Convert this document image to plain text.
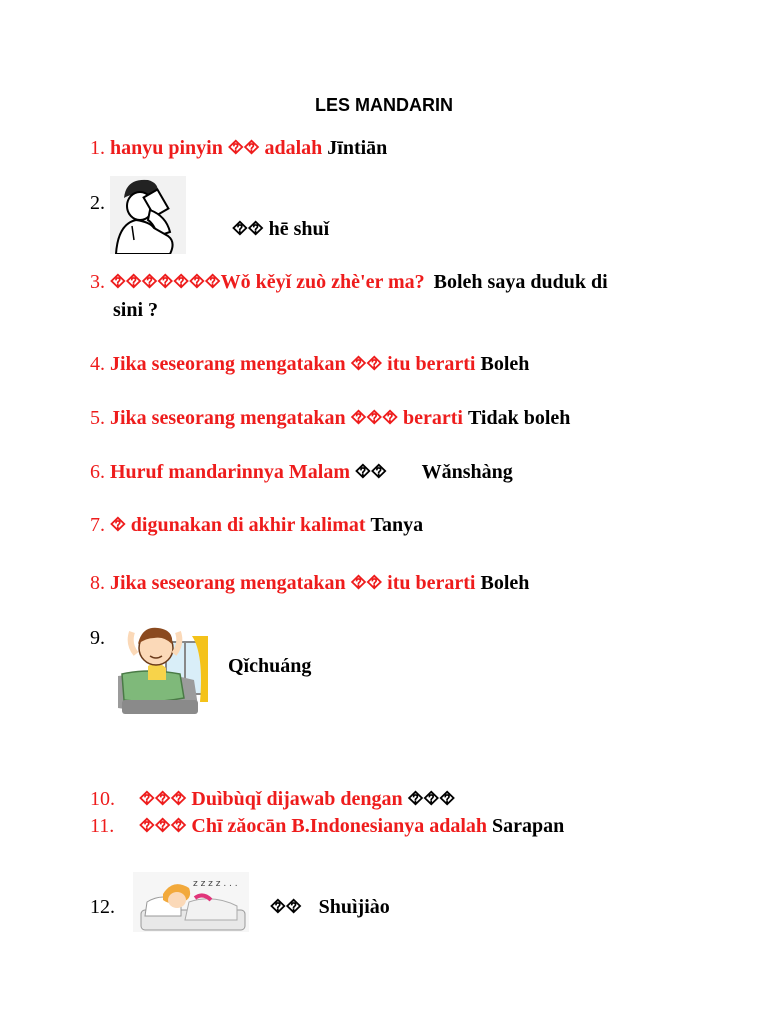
LES MANDARIN
1. hanyu pinyin ⯑⯑ adalah Jīntiān
2.
⯑⯑ hē shuǐ
3. ⯑⯑⯑⯑⯑⯑⯑Wǒ kěyǐ zuò zhè'er ma? Boleh saya duduk di
sini ?
4. Jika seseorang mengatakan ⯑⯑ itu berarti Boleh
5. Jika seseorang mengatakan ⯑⯑⯑ berarti Tidak boleh
6. Huruf mandarinnya Malam ⯑⯑ Wǎnshàng
7. ⯑ digunakan di akhir kalimat Tanya
8. Jika seseorang mengatakan ⯑⯑ itu berarti Boleh
9.
Qǐchuáng
10. ⯑⯑⯑ Duìbùqǐ dijawab dengan ⯑⯑⯑
11. ⯑⯑⯑ Chī zǎocān B.Indonesianya adalah Sarapan
12.
z z z z . . .
⯑⯑ Shuìjiào
